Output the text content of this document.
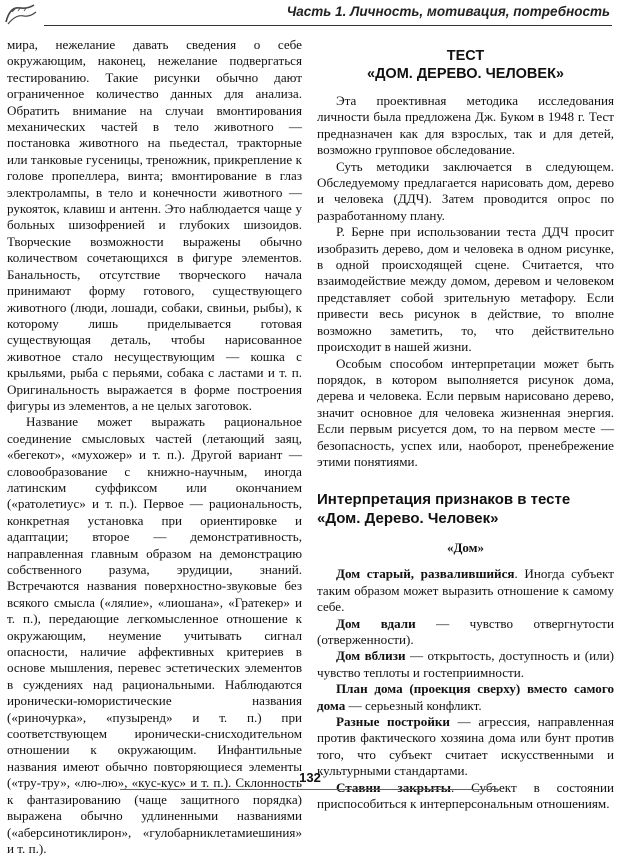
Часть 1. Личность, мотивация, потребность

мира, нежелание давать сведения о себе окружающим, наконец, нежелание подвергаться тестированию. Такие рисунки обычно дают ограниченное количество данных для анализа. Обратить внимание на случаи вмонтирования механических частей в тело животного — постановка животного на пьедестал, тракторные или танковые гусеницы, треножник, прикрепление к голове пропеллера, винта; вмонтирование в глаз электролампы, в тело и конечности животного — рукояток, клавиш и антенн. Это наблюдается чаще у больных шизофренией и глубоких шизоидов. Творческие возможности выражены обычно количеством сочетающихся в фигуре элементов. Банальность, отсутствие творческого начала принимают форму готового, существующего животного (люди, лошади, собаки, свиньи, рыбы), к которому лишь приделывается готовая существующая деталь, чтобы нарисованное животное стало несуществующим — кошка с крыльями, рыба с перьями, собака с ластами и т. п. Оригинальность выражается в форме построения фигуры из элементов, а не целых заготовок.

Название может выражать рациональное соединение смысловых частей (летающий заяц, «бегекот», «мухожер» и т. п.). Другой вариант — словообразование с книжно-научным, иногда латинским суффиксом или окончанием («ратолетиус» и т. п.). Первое — рациональность, конкретная установка при ориентировке и адаптации; второе — демонстративность, направленная главным образом на демонстрацию собственного разума, эрудиции, знаний. Встречаются названия поверхностно-звуковые без всякого смысла («лялие», «лиошана», «Гратекер» и т. п.), передающие легкомысленное отношение к окружающим, неумение учитывать сигнал опасности, наличие аффективных критериев в основе мышления, перевес эстетических элементов в суждениях над рациональными. Наблюдаются иронически-юмористические названия («риночурка», «пузыренд» и т. п.) при соответствующем иронически-снисходительном отношении к окружающим. Инфантильные названия имеют обычно повторяющиеся элементы («тру-тру», «лю-лю», «кус-кус» и т. п.). Склонность к фантазированию (чаще защитного порядка) выражена обычно удлиненными названиями («аберсинотиклирон», «гулобарниклетамиешиния» и т. п.).

ТЕСТ
«ДОМ. ДЕРЕВО. ЧЕЛОВЕК»

Эта проективная методика исследования личности была предложена Дж. Буком в 1948 г. Тест предназначен как для взрослых, так и для детей, возможно групповое обследование.

Суть методики заключается в следующем. Обследуемому предлагается нарисовать дом, дерево и человека (ДДЧ). Затем проводится опрос по разработанному плану.

Р. Берне при использовании теста ДДЧ просит изобразить дерево, дом и человека в одном рисунке, в одной происходящей сцене. Считается, что взаимодействие между домом, деревом и человеком представляет собой зрительную метафору. Если привести весь рисунок в действие, то вполне возможно заметить, то, что действительно происходит в нашей жизни.

Особым способом интерпретации может быть порядок, в котором выполняется рисунок дома, дерева и человека. Если первым нарисовано дерево, значит основное для человека жизненная энергия. Если первым рисуется дом, то на первом месте — безопасность, успех или, наоборот, пренебрежение этими понятиями.

Интерпретация признаков в тесте «Дом. Дерево. Человек»
«Дом»

Дом старый, развалившийся. Иногда субъект таким образом может выразить отношение к самому себе.

Дом вдали — чувство отвергнутости (отверженности).

Дом вблизи — открытость, доступность и (или) чувство теплоты и гостеприимности.

План дома (проекция сверху) вместо самого дома — серьезный конфликт.

Разные постройки — агрессия, направленная против фактического хозяина дома или бунт против того, что субъект считает искусственными и культурными стандартами.

Ставни закрыты. Субъект в состоянии приспособиться к интерперсональным отношениям.

132
